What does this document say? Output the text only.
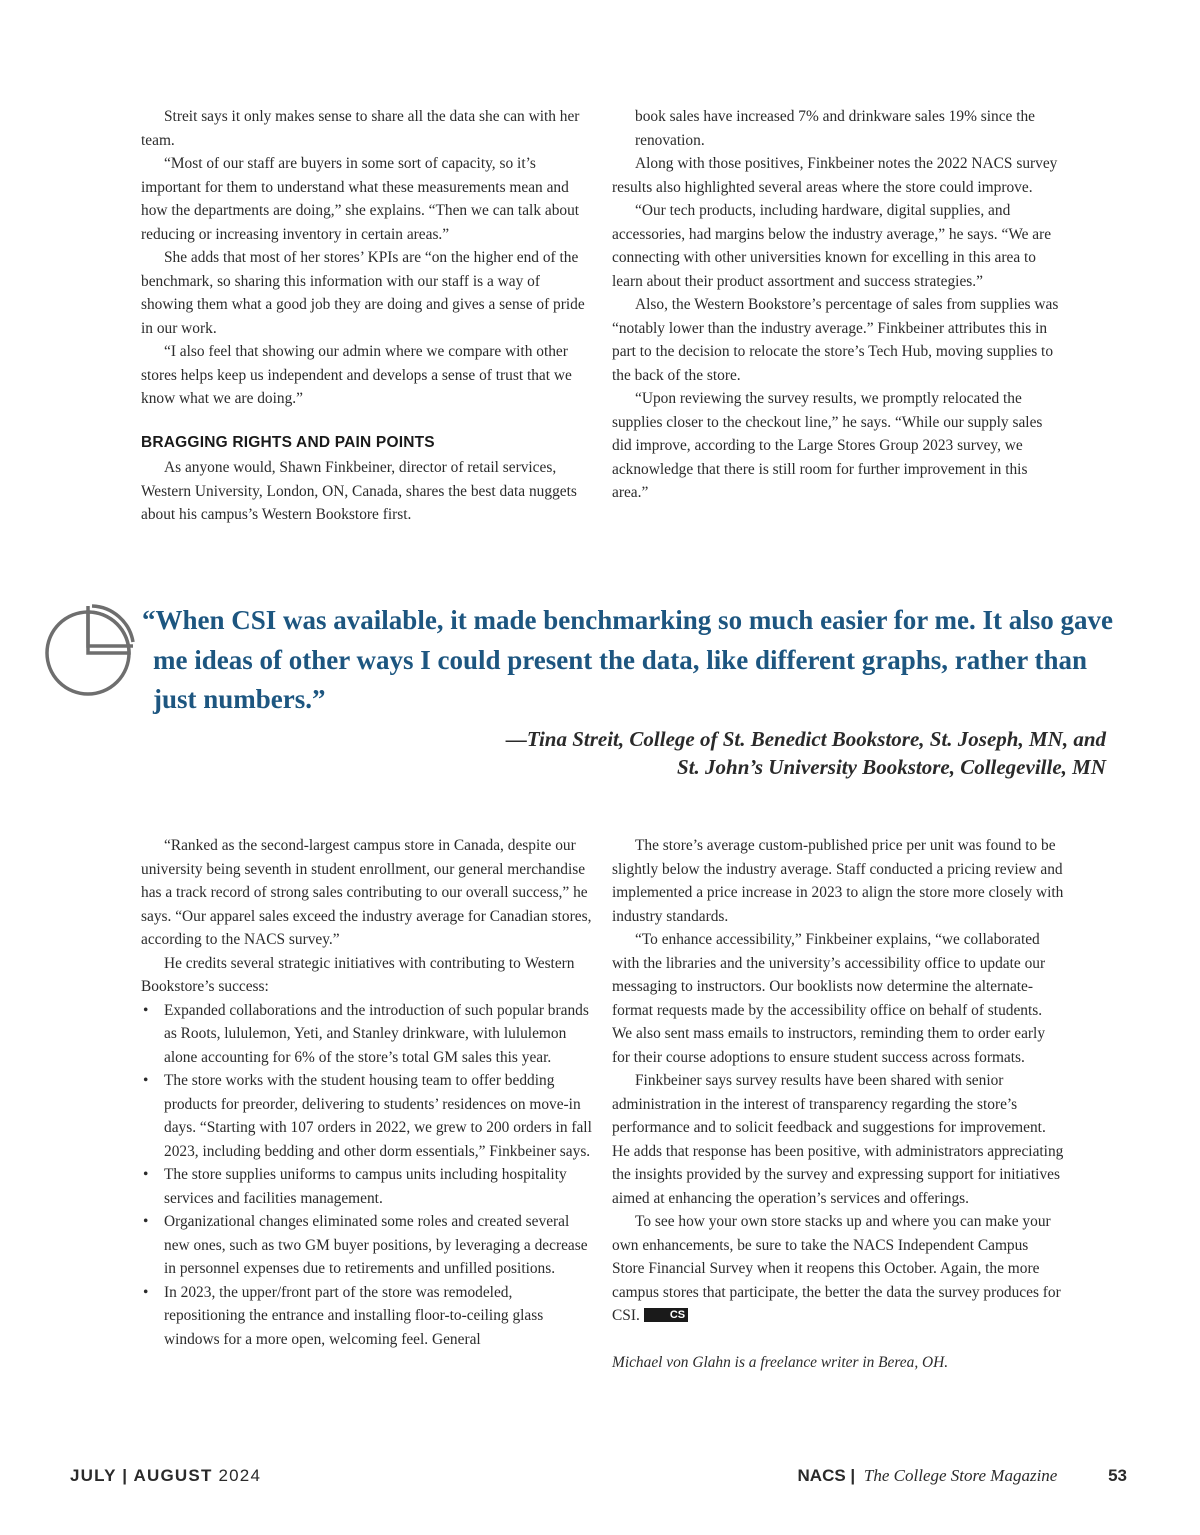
Streit says it only makes sense to share all the data she can with her team.

“Most of our staff are buyers in some sort of capacity, so it’s important for them to understand what these measurements mean and how the departments are doing,” she explains. “Then we can talk about reducing or increasing inventory in certain areas.”

She adds that most of her stores’ KPIs are “on the higher end of the benchmark, so sharing this information with our staff is a way of showing them what a good job they are doing and gives a sense of pride in our work.

“I also feel that showing our admin where we compare with other stores helps keep us independent and develops a sense of trust that we know what we are doing.”

BRAGGING RIGHTS AND PAIN POINTS

As anyone would, Shawn Finkbeiner, director of retail services, Western University, London, ON, Canada, shares the best data nuggets about his campus’s Western Bookstore first.

book sales have increased 7% and drinkware sales 19% since the renovation.

Along with those positives, Finkbeiner notes the 2022 NACS survey results also highlighted several areas where the store could improve.

“Our tech products, including hardware, digital supplies, and accessories, had margins below the industry average,” he says. “We are connecting with other universities known for excelling in this area to learn about their product assortment and success strategies.”

Also, the Western Bookstore’s percentage of sales from supplies was “notably lower than the industry average.” Finkbeiner attributes this in part to the decision to relocate the store’s Tech Hub, moving supplies to the back of the store.

“Upon reviewing the survey results, we promptly relocated the supplies closer to the checkout line,” he says. “While our supply sales did improve, according to the Large Stores Group 2023 survey, we acknowledge that there is still room for further improvement in this area.”

“When CSI was available, it made benchmarking so much easier for me. It also gave me ideas of other ways I could present the data, like different graphs, rather than just numbers.”
—Tina Streit, College of St. Benedict Bookstore, St. Joseph, MN, and
St. John’s University Bookstore, Collegeville, MN

“Ranked as the second-largest campus store in Canada, despite our university being seventh in student enrollment, our general merchandise has a track record of strong sales contributing to our overall success,” he says. “Our apparel sales exceed the industry average for Canadian stores, according to the NACS survey.”

He credits several strategic initiatives with contributing to Western Bookstore’s success:

• Expanded collaborations and the introduction of such popular brands as Roots, lululemon, Yeti, and Stanley drinkware, with lululemon alone accounting for 6% of the store’s total GM sales this year.
• The store works with the student housing team to offer bedding products for preorder, delivering to students’ residences on move-in days. “Starting with 107 orders in 2022, we grew to 200 orders in fall 2023, including bedding and other dorm essentials,” Finkbeiner says.
• The store supplies uniforms to campus units including hospitality services and facilities management.
• Organizational changes eliminated some roles and created several new ones, such as two GM buyer positions, by leveraging a decrease in personnel expenses due to retirements and unfilled positions.
• In 2023, the upper/front part of the store was remodeled, repositioning the entrance and installing floor-to-ceiling glass windows for a more open, welcoming feel. General

The store’s average custom-published price per unit was found to be slightly below the industry average. Staff conducted a pricing review and implemented a price increase in 2023 to align the store more closely with industry standards.

“To enhance accessibility,” Finkbeiner explains, “we collaborated with the libraries and the university’s accessibility office to update our messaging to instructors. Our booklists now determine the alternate-format requests made by the accessibility office on behalf of students. We also sent mass emails to instructors, reminding them to order early for their course adoptions to ensure student success across formats.

Finkbeiner says survey results have been shared with senior administration in the interest of transparency regarding the store’s performance and to solicit feedback and suggestions for improvement. He adds that response has been positive, with administrators appreciating the insights provided by the survey and expressing support for initiatives aimed at enhancing the operation’s services and offerings.

To see how your own store stacks up and where you can make your own enhancements, be sure to take the NACS Independent Campus Store Financial Survey when it reopens this October. Again, the more campus stores that participate, the better the data the survey produces for CSI.	CS

Michael von Glahn is a freelance writer in Berea, OH.

JULY | AUGUST 2024	NACS | The College Store Magazine	53
